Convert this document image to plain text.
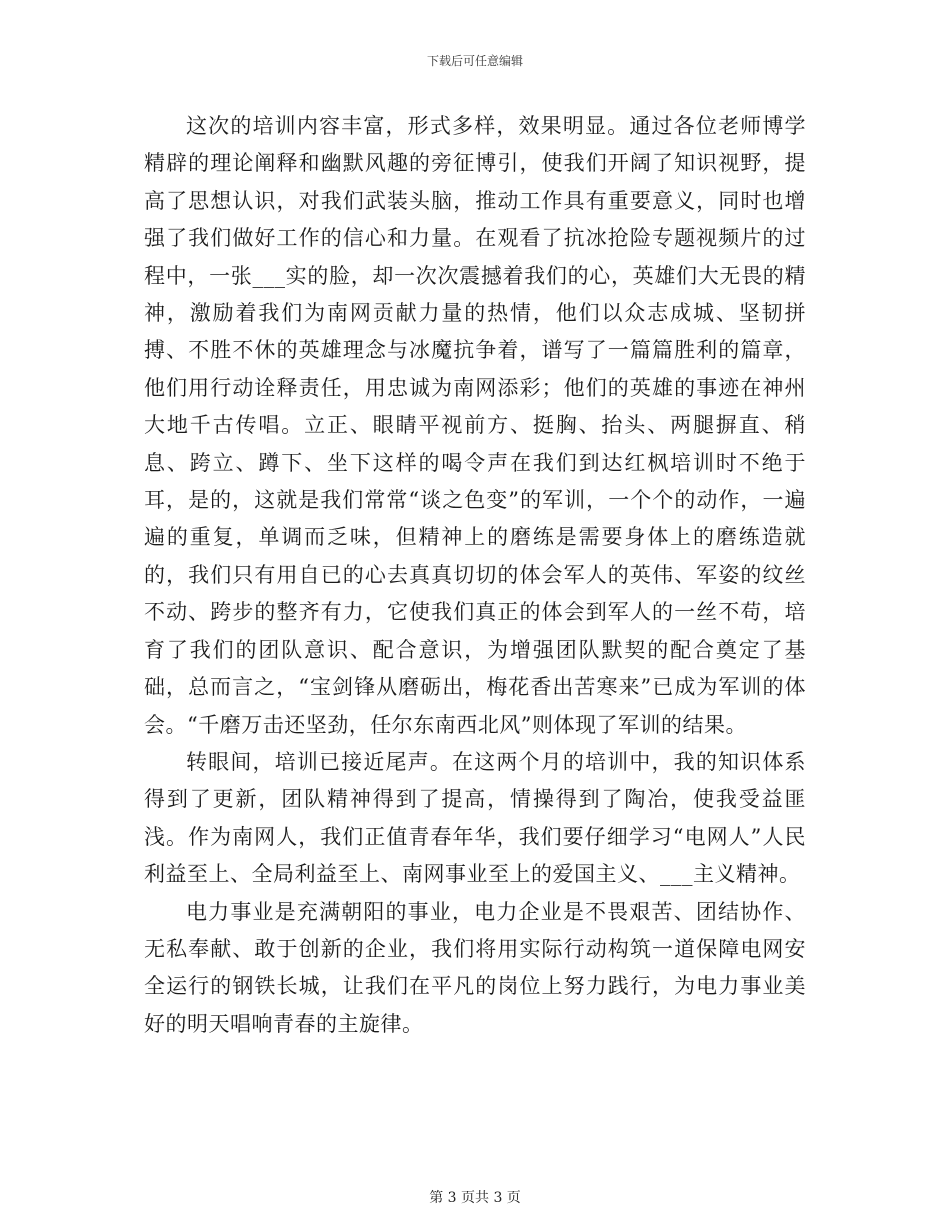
下载后可任意编辑

这次的培训内容丰富，形式多样，效果明显。通过各位老师博学精辟的理论阐释和幽默风趣的旁征博引，使我们开阔了知识视野，提高了思想认识，对我们武装头脑，推动工作具有重要意义，同时也增强了我们做好工作的信心和力量。在观看了抗冰抢险专题视频片的过程中，一张___实的脸，却一次次震撼着我们的心，英雄们大无畏的精神，激励着我们为南网贡献力量的热情，他们以众志成城、坚韧拼搏、不胜不休的英雄理念与冰魔抗争着，谱写了一篇篇胜利的篇章，他们用行动诠释责任，用忠诚为南网添彩；他们的英雄的事迹在神州大地千古传唱。立正、眼睛平视前方、挺胸、抬头、两腿摒直、稍息、跨立、蹲下、坐下这样的喝令声在我们到达红枫培训时不绝于耳，是的，这就是我们常常“谈之色变”的军训，一个个的动作，一遍遍的重复，单调而乏味，但精神上的磨练是需要身体上的磨练造就的，我们只有用自已的心去真真切切的体会军人的英伟、军姿的纹丝不动、跨步的整齐有力，它使我们真正的体会到军人的一丝不苟，培育了我们的团队意识、配合意识，为增强团队默契的配合奠定了基础，总而言之，“宝剑锋从磨砺出，梅花香出苦寒来”已成为军训的体会。“千磨万击还坚劲，任尔东南西北风”则体现了军训的结果。

转眼间，培训已接近尾声。在这两个月的培训中，我的知识体系得到了更新，团队精神得到了提高，情操得到了陶冶，使我受益匪浅。作为南网人，我们正值青春年华，我们要仔细学习“电网人”人民利益至上、全局利益至上、南网事业至上的爱国主义、___主义精神。

电力事业是充满朝阳的事业，电力企业是不畏艰苦、团结协作、无私奉献、敢于创新的企业，我们将用实际行动构筑一道保障电网安全运行的钢铁长城，让我们在平凡的岗位上努力践行，为电力事业美好的明天唱响青春的主旋律。

第 3 页共 3 页
